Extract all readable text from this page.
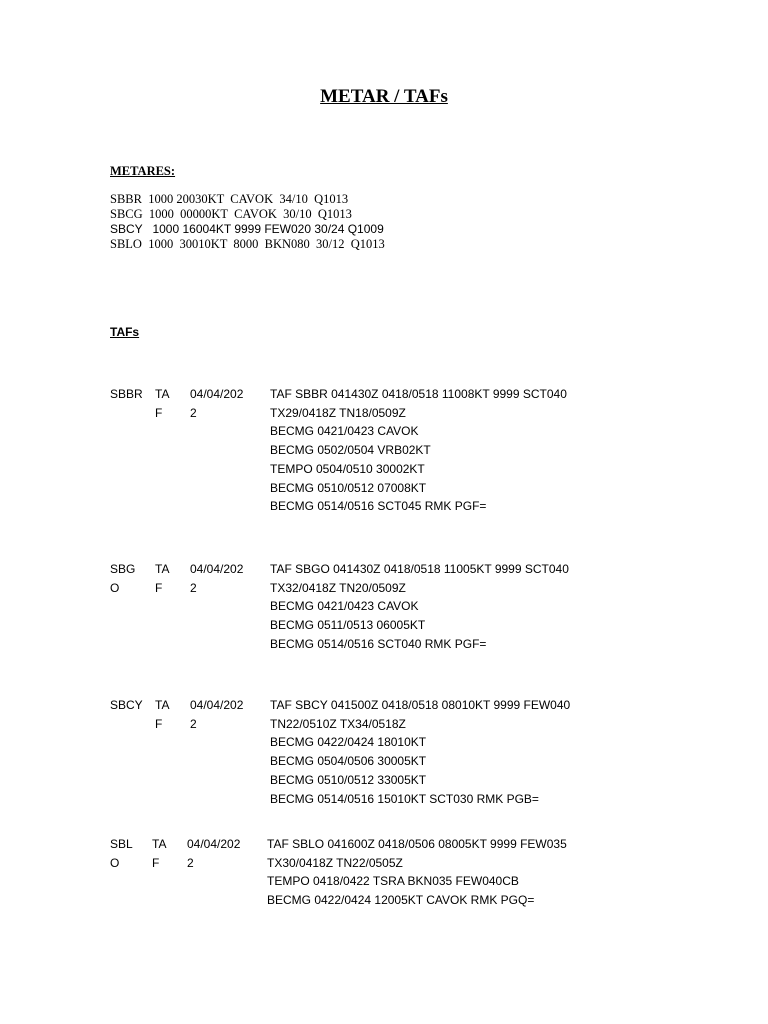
METAR / TAFs
METARES:
SBBR  1000 20030KT  CAVOK  34/10  Q1013
SBCG  1000  00000KT  CAVOK  30/10  Q1013
SBCY   1000 16004KT 9999 FEW020 30/24 Q1009
SBLO  1000  30010KT  8000  BKN080  30/12  Q1013
TAFs
SBBR	TA
F
04/04/202
2
TAF SBBR 041430Z 0418/0518 11008KT 9999 SCT040
TX29/0418Z TN18/0509Z
BECMG 0421/0423 CAVOK
BECMG 0502/0504 VRB02KT
TEMPO 0504/0510 30002KT
BECMG 0510/0512 07008KT
BECMG 0514/0516 SCT045 RMK PGF=
SBG
O
TA
F
04/04/202
2
TAF SBGO 041430Z 0418/0518 11005KT 9999 SCT040
TX32/0418Z TN20/0509Z
BECMG 0421/0423 CAVOK
BECMG 0511/0513 06005KT
BECMG 0514/0516 SCT040 RMK PGF=
SBCY	TA
F
04/04/202
2
TAF SBCY 041500Z 0418/0518 08010KT 9999 FEW040
TN22/0510Z TX34/0518Z
BECMG 0422/0424 18010KT
BECMG 0504/0506 30005KT
BECMG 0510/0512 33005KT
BECMG 0514/0516 15010KT SCT030 RMK PGB=
SBL
O
TA
F
04/04/202
2
TAF SBLO 041600Z 0418/0506 08005KT 9999 FEW035
TX30/0418Z TN22/0505Z
TEMPO 0418/0422 TSRA BKN035 FEW040CB
BECMG 0422/0424 12005KT CAVOK RMK PGQ=
